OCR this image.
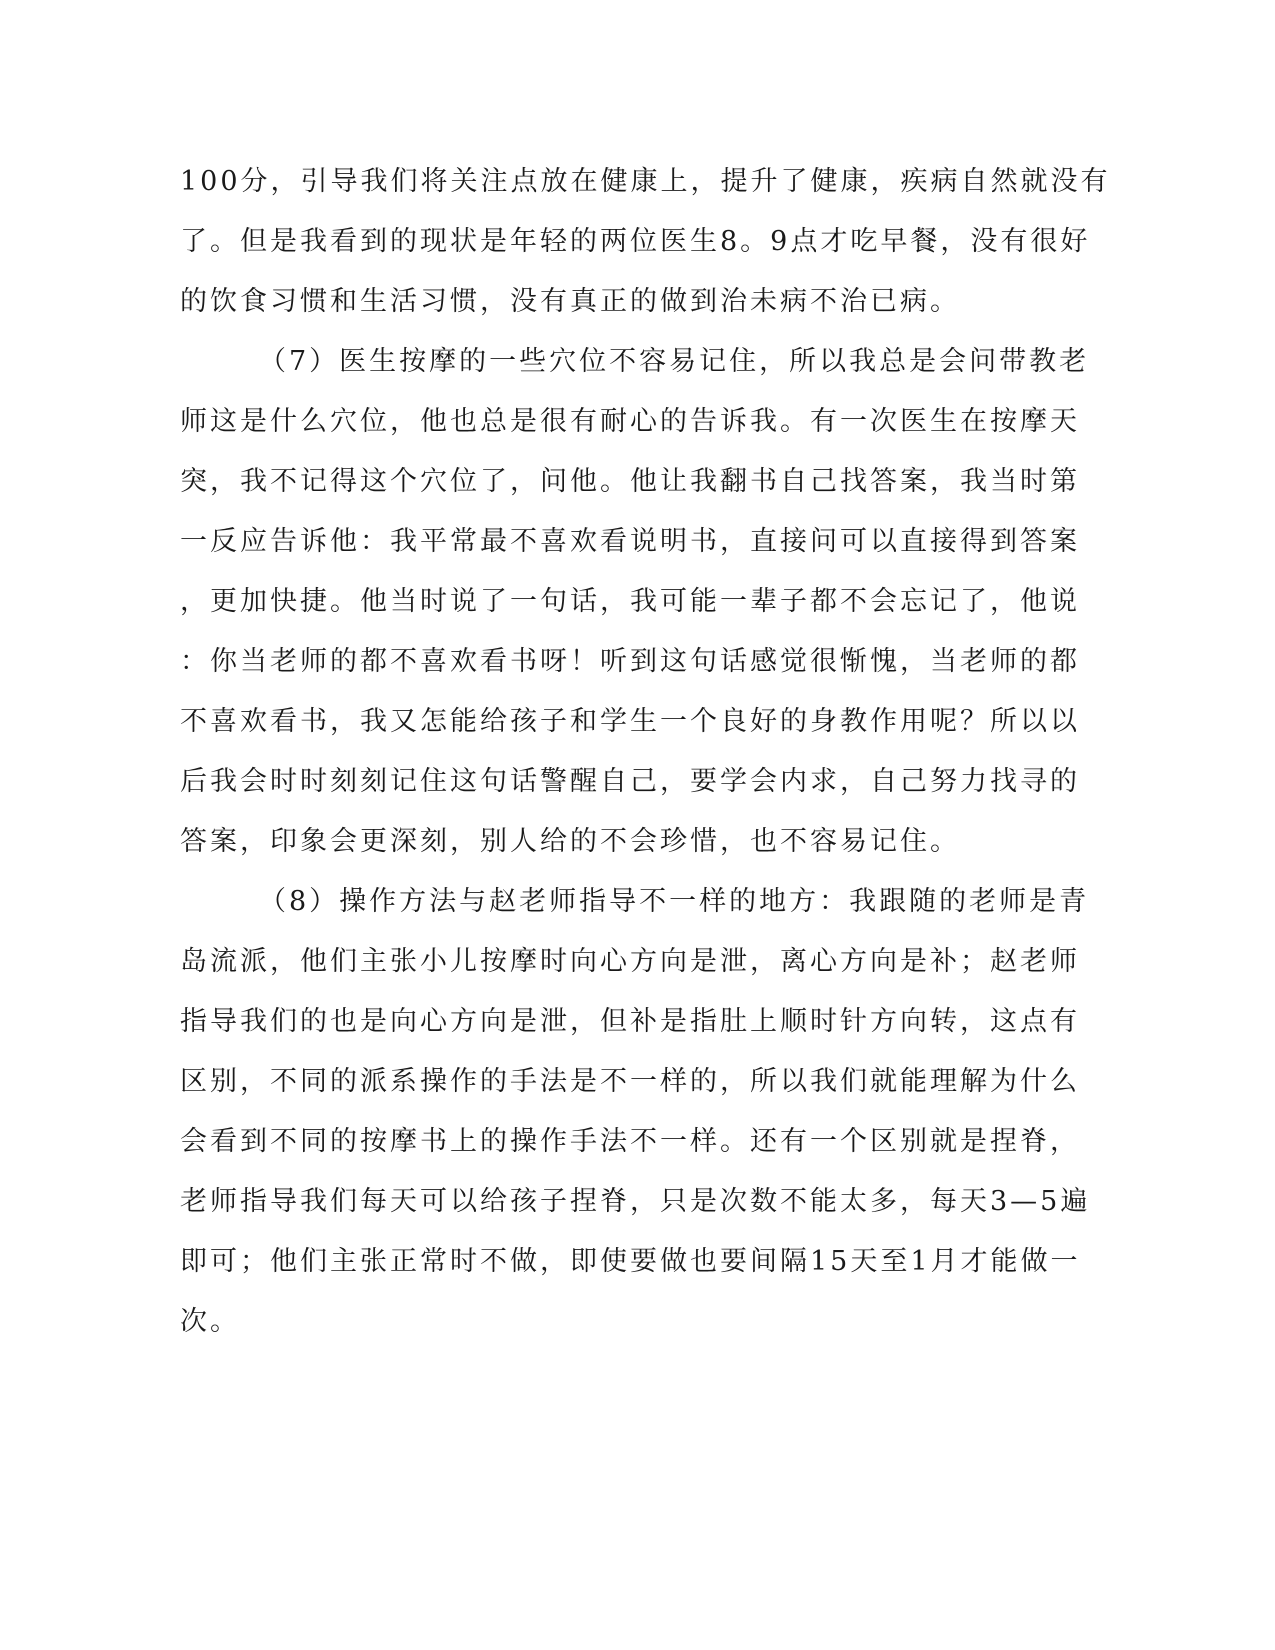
100分，引导我们将关注点放在健康上，提升了健康，疾病自然就没有
了。但是我看到的现状是年轻的两位医生8。9点才吃早餐，没有很好
的饮食习惯和生活习惯，没有真正的做到治未病不治已病。
（7）医生按摩的一些穴位不容易记住，所以我总是会问带教老
师这是什么穴位，他也总是很有耐心的告诉我。有一次医生在按摩天
突，我不记得这个穴位了，问他。他让我翻书自己找答案，我当时第
一反应告诉他：我平常最不喜欢看说明书，直接问可以直接得到答案
，更加快捷。他当时说了一句话，我可能一辈子都不会忘记了，他说
：你当老师的都不喜欢看书呀！听到这句话感觉很惭愧，当老师的都
不喜欢看书，我又怎能给孩子和学生一个良好的身教作用呢？所以以
后我会时时刻刻记住这句话警醒自己，要学会内求，自己努力找寻的
答案，印象会更深刻，别人给的不会珍惜，也不容易记住。
（8）操作方法与赵老师指导不一样的地方：我跟随的老师是青
岛流派，他们主张小儿按摩时向心方向是泄，离心方向是补；赵老师
指导我们的也是向心方向是泄，但补是指肚上顺时针方向转，这点有
区别，不同的派系操作的手法是不一样的，所以我们就能理解为什么
会看到不同的按摩书上的操作手法不一样。还有一个区别就是捏脊，
老师指导我们每天可以给孩子捏脊，只是次数不能太多，每天3—5遍
即可；他们主张正常时不做，即使要做也要间隔15天至1月才能做一
次。
